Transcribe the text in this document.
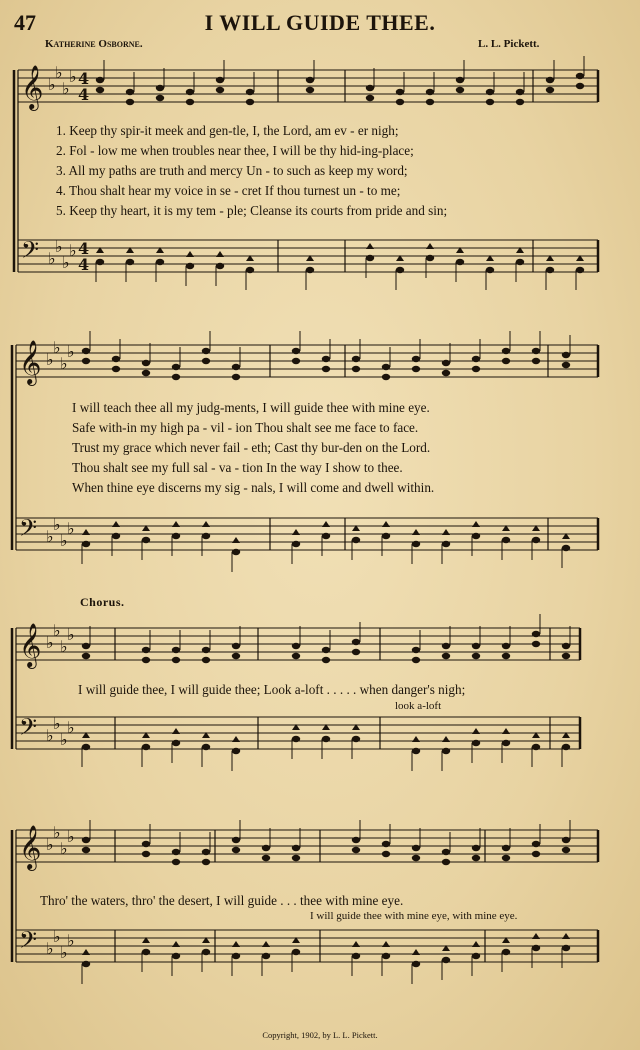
47	I WILL GUIDE THEE.
Katherine Osborne.	L. L. Pickett.
𝄞
𝄢
♭
♭
♭
♭
♭
♭
♭
♭
4
4
4
4
𝄞
𝄢
♭
♭
♭
♭
♭
♭
♭
♭
𝄞
𝄢
♭
♭
♭
♭
♭
♭
♭
♭
𝄞
𝄢
♭
♭
♭
♭
♭
♭
♭
♭
1. Keep thy spir-it meek and gen-tle, I, the Lord, am ev - er nigh;
2. Fol - low me when troubles near thee, I will be thy hid-ing-place;
3. All my paths are truth and mercy Un - to such as keep my word;
4. Thou shalt hear my voice in se - cret If thou turnest un - to me;
5. Keep thy heart, it is my tem - ple; Cleanse its courts from pride and sin;
I will teach thee all my judg-ments, I will guide thee with mine eye.
Safe with-in my high pa - vil - ion Thou shalt see me face to face.
Trust my grace which never fail - eth; Cast thy bur-den on the Lord.
Thou shalt see my full sal - va - tion In the way I show to thee.
When thine eye discerns my sig - nals, I will come and dwell within.
Chorus.
I will guide thee, I will guide thee; Look a-loft . . . . . when danger's nigh;
look a-loft
Thro' the waters, thro' the desert, I will guide . . . thee with mine eye.
I will guide thee with mine eye, with mine eye.
Copyright, 1902, by L. L. Pickett.
